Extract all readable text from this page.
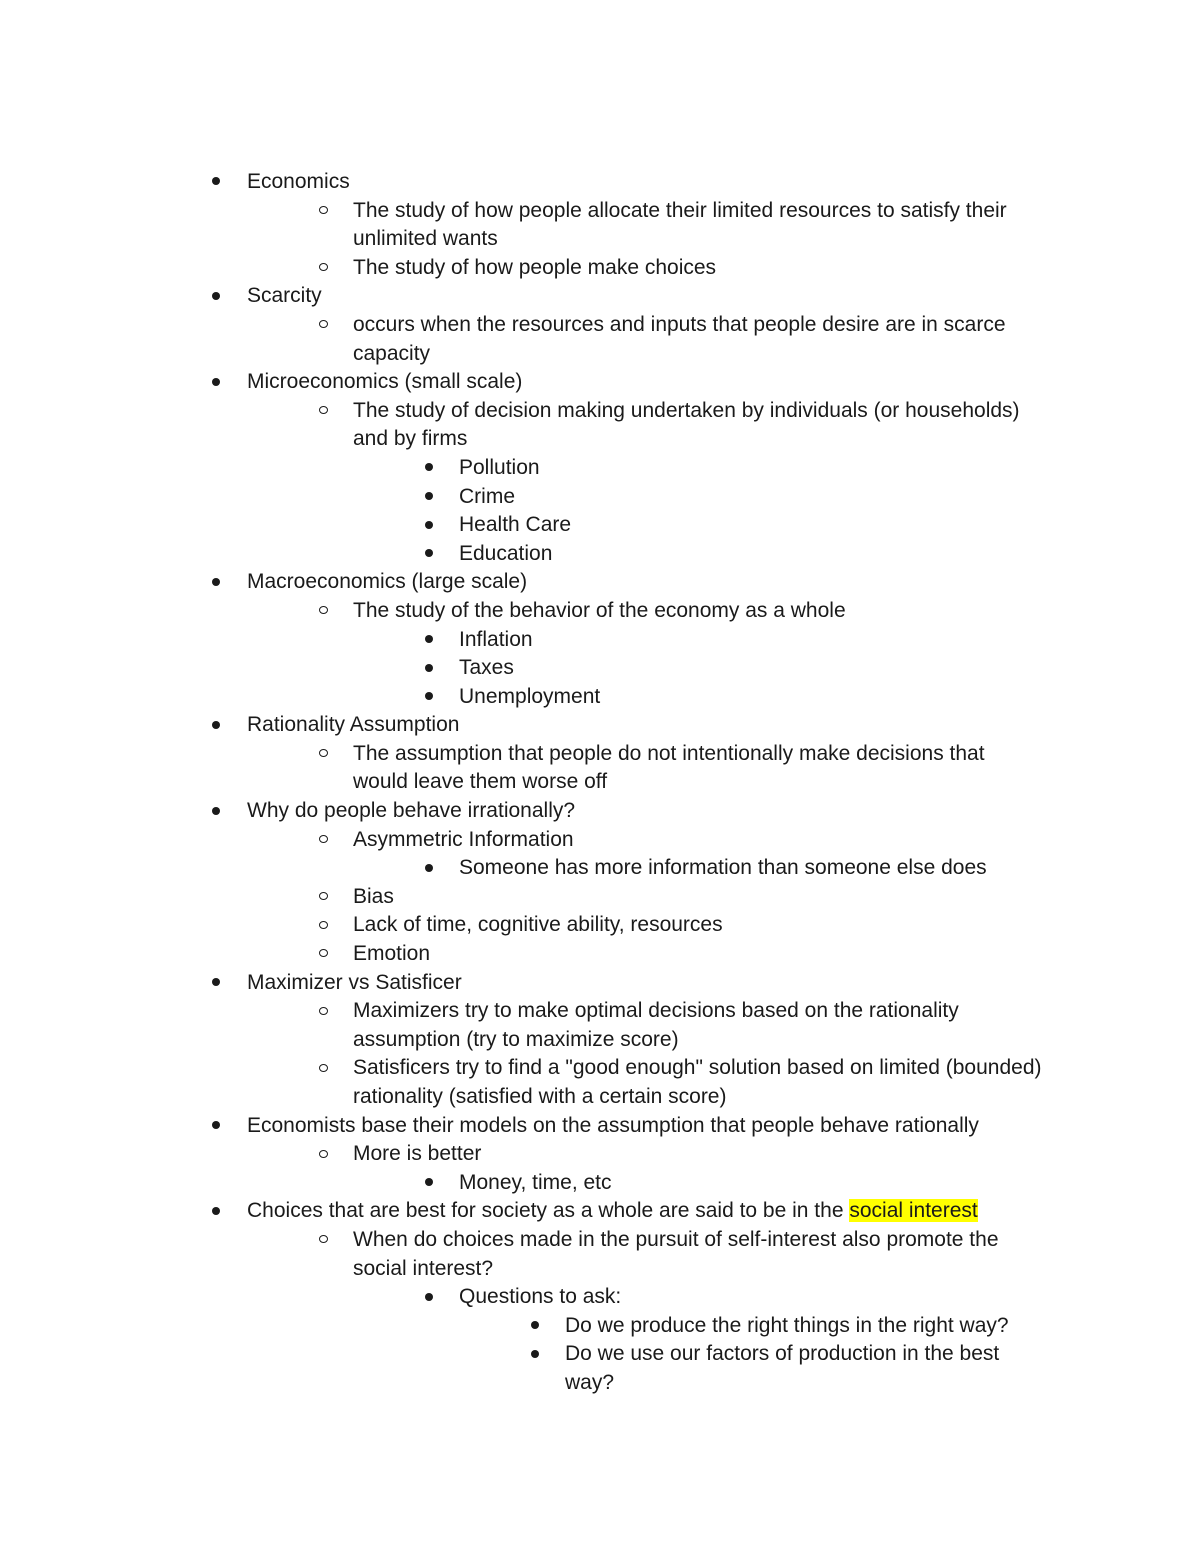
Economics
The study of how people allocate their limited resources to satisfy their unlimited wants
The study of how people make choices
Scarcity
occurs when the resources and inputs that people desire are in scarce capacity
Microeconomics (small scale)
The study of decision making undertaken by individuals (or households) and by firms
Pollution
Crime
Health Care
Education
Macroeconomics (large scale)
The study of the behavior of the economy as a whole
Inflation
Taxes
Unemployment
Rationality Assumption
The assumption that people do not intentionally make decisions that would leave them worse off
Why do people behave irrationally?
Asymmetric Information
Someone has more information than someone else does
Bias
Lack of time, cognitive ability, resources
Emotion
Maximizer vs Satisficer
Maximizers try to make optimal decisions based on the rationality assumption (try to maximize score)
Satisficers try to find a "good enough" solution based on limited (bounded) rationality (satisfied with a certain score)
Economists base their models on the assumption that people behave rationally
More is better
Money, time, etc
Choices that are best for society as a whole are said to be in the social interest
When do choices made in the pursuit of self-interest also promote the social interest?
Questions to ask:
Do we produce the right things in the right way?
Do we use our factors of production in the best way?
